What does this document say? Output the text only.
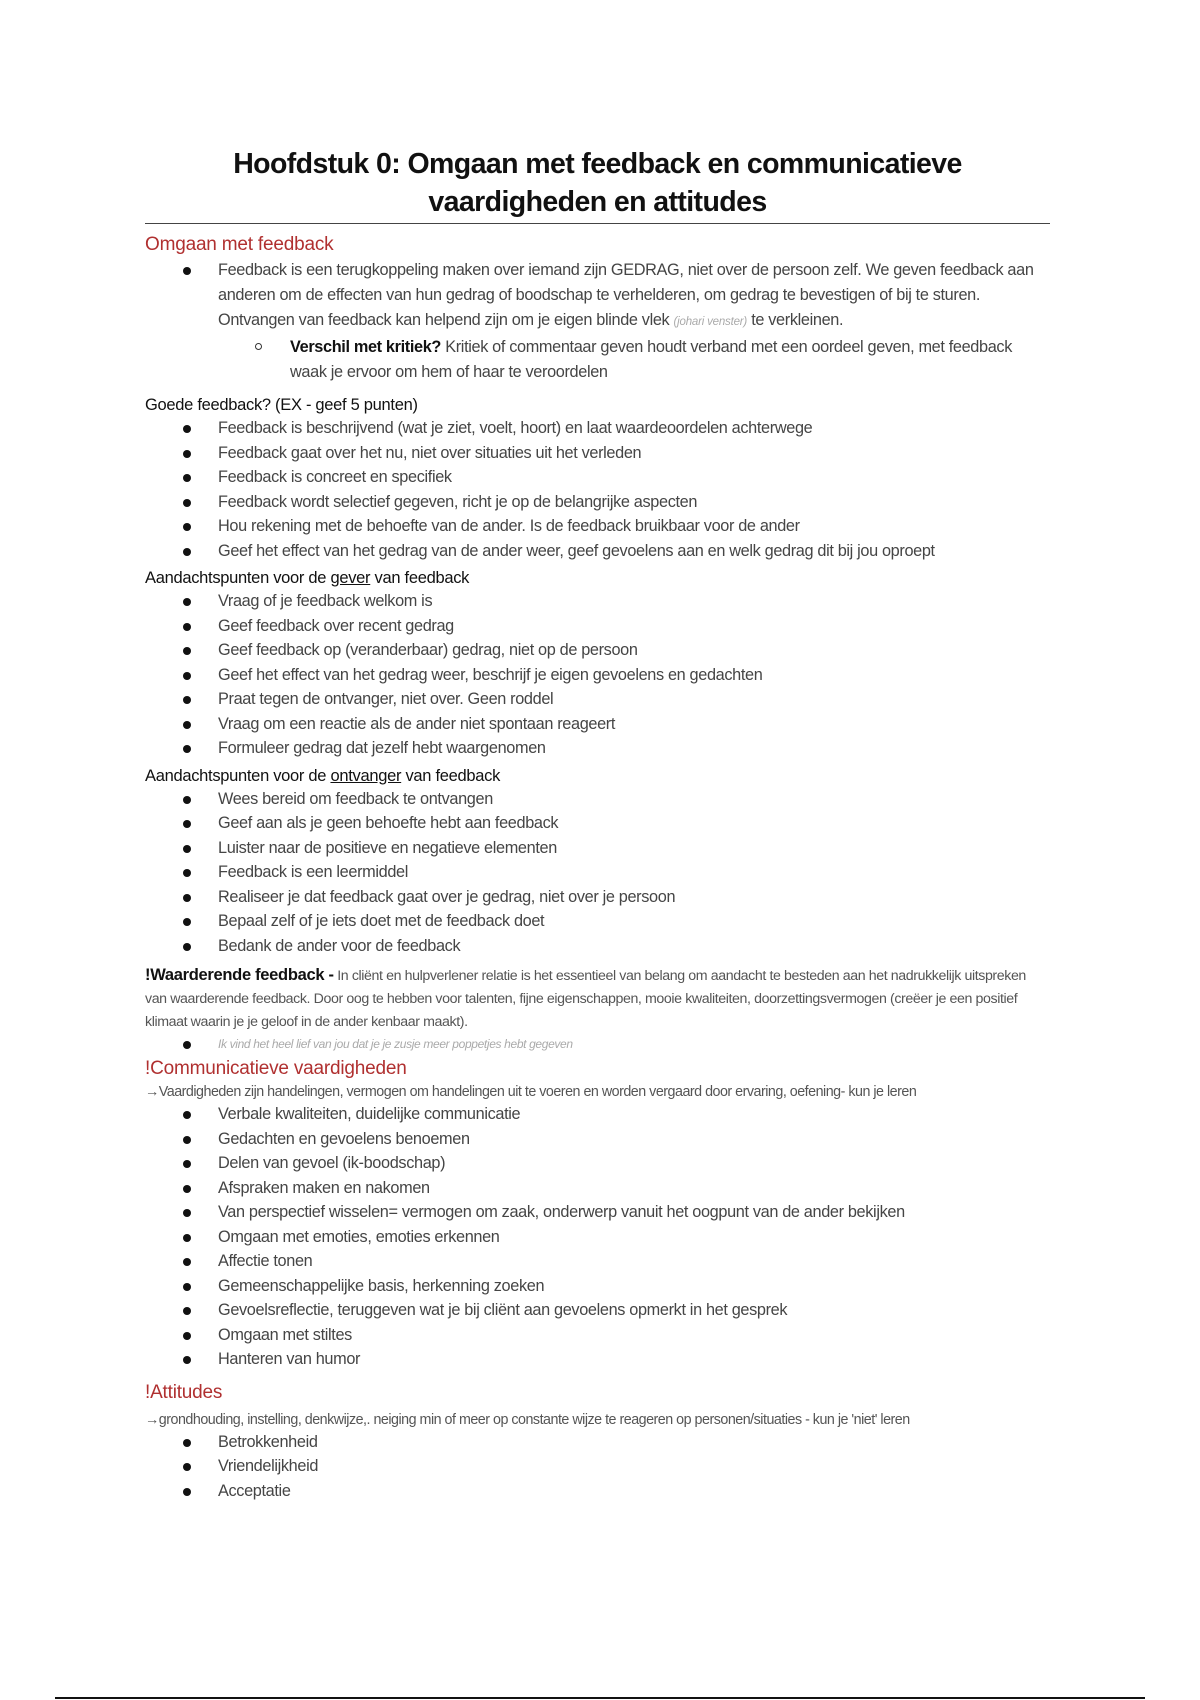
Hoofdstuk 0: Omgaan met feedback en communicatieve vaardigheden en attitudes
Omgaan met feedback
Feedback is een terugkoppeling maken over iemand zijn GEDRAG, niet over de persoon zelf. We geven feedback aan anderen om de effecten van hun gedrag of boodschap te verhelderen, om gedrag te bevestigen of bij te sturen. Ontvangen van feedback kan helpend zijn om je eigen blinde vlek (johari venster) te verkleinen.
Verschil met kritiek? Kritiek of commentaar geven houdt verband met een oordeel geven, met feedback waak je ervoor om hem of haar te veroordelen
Goede feedback? (EX - geef 5 punten)
Feedback is beschrijvend (wat je ziet, voelt, hoort) en laat waardeoordelen achterwege
Feedback gaat over het nu, niet over situaties uit het verleden
Feedback is concreet en specifiek
Feedback wordt selectief gegeven, richt je op de belangrijke aspecten
Hou rekening met de behoefte van de ander. Is de feedback bruikbaar voor de ander
Geef het effect van het gedrag van de ander weer, geef gevoelens aan en welk gedrag dit bij jou oproept
Aandachtspunten voor de gever van feedback
Vraag of je feedback welkom is
Geef feedback over recent gedrag
Geef feedback op (veranderbaar) gedrag, niet op de persoon
Geef het effect van het gedrag weer, beschrijf je eigen gevoelens en gedachten
Praat tegen de ontvanger, niet over. Geen roddel
Vraag om een reactie als de ander niet spontaan reageert
Formuleer gedrag dat jezelf hebt waargenomen
Aandachtspunten voor de ontvanger van feedback
Wees bereid om feedback te ontvangen
Geef aan als je geen behoefte hebt aan feedback
Luister naar de positieve en negatieve elementen
Feedback is een leermiddel
Realiseer je dat feedback gaat over je gedrag, niet over je persoon
Bepaal zelf of je iets doet met de feedback doet
Bedank de ander voor de feedback
!Waarderende feedback - In cliënt en hulpverlener relatie is het essentieel van belang om aandacht te besteden aan het nadrukkelijk uitspreken van waarderende feedback. Door oog te hebben voor talenten, fijne eigenschappen, mooie kwaliteiten, doorzettingsvermogen (creëer je een positief klimaat waarin je je geloof in de ander kenbaar maakt).
Ik vind het heel lief van jou dat je je zusje meer poppetjes hebt gegeven
!Communicatieve vaardigheden
→Vaardigheden zijn handelingen, vermogen om handelingen uit te voeren en worden vergaard door ervaring, oefening- kun je leren
Verbale kwaliteiten, duidelijke communicatie
Gedachten en gevoelens benoemen
Delen van gevoel (ik-boodschap)
Afspraken maken en nakomen
Van perspectief wisselen= vermogen om zaak, onderwerp vanuit het oogpunt van de ander bekijken
Omgaan met emoties, emoties erkennen
Affectie tonen
Gemeenschappelijke basis, herkenning zoeken
Gevoelsreflectie, teruggeven wat je bij cliënt aan gevoelens opmerkt in het gesprek
Omgaan met stiltes
Hanteren van humor
!Attitudes
→grondhouding, instelling, denkwijze,. neiging min of meer op constante wijze te reageren op personen/situaties - kun je 'niet' leren
Betrokkenheid
Vriendelijkheid
Acceptatie
